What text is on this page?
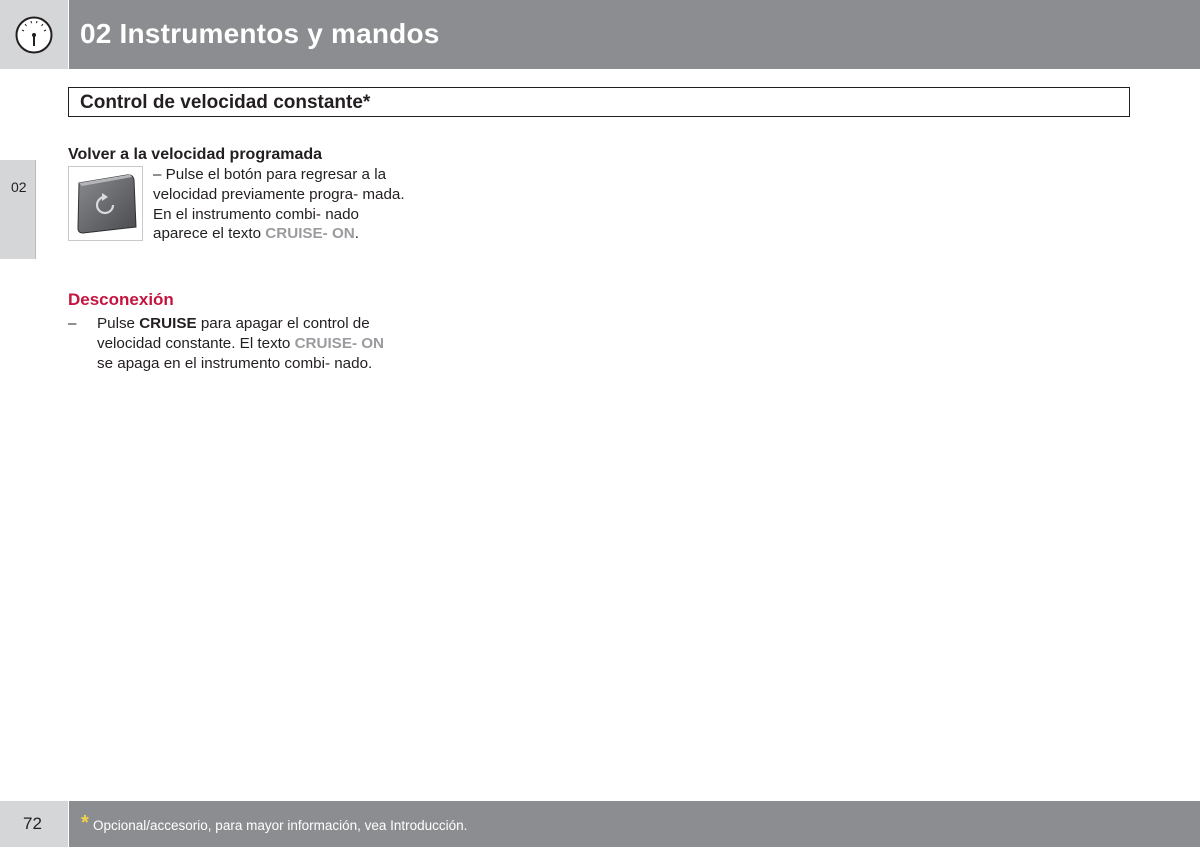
02 Instrumentos y mandos
02
Control de velocidad constante*
Volver a la velocidad programada
– Pulse el botón para regresar a la velocidad previamente progra- mada. En el instrumento combi- nado aparece el texto CRUISE- ON.
Desconexión
– Pulse CRUISE para apagar el control de velocidad constante. El texto CRUISE- ON se apaga en el instrumento combi- nado.
72 * Opcional/accesorio, para mayor información, vea Introducción.
